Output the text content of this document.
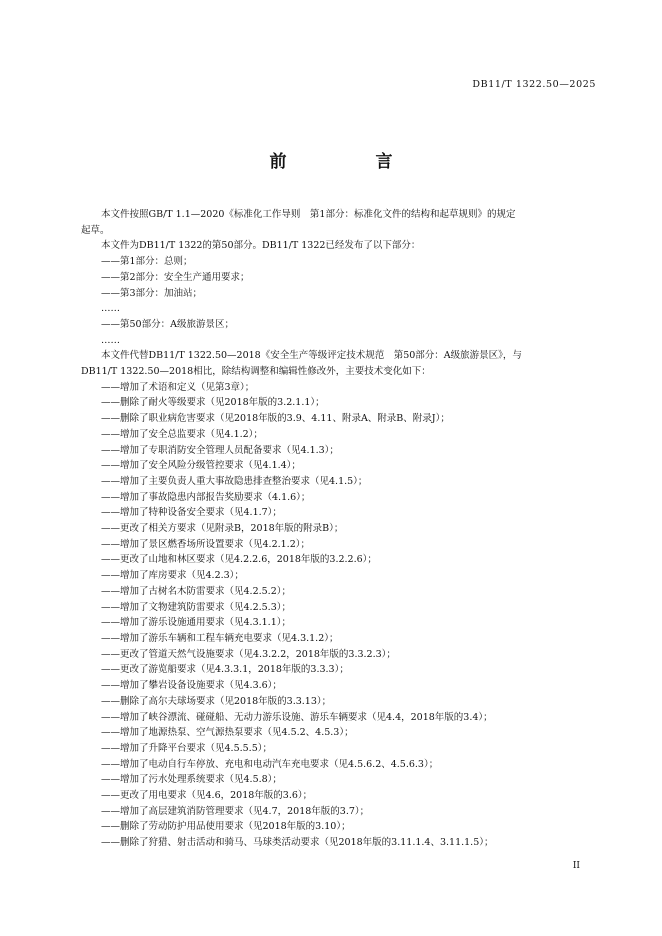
DB11/T 1322.50—2025
前　言

本文件按照GB/T 1.1—2020《标准化工作导则　第1部分：标准化文件的结构和起草规则》的规定

起草。

本文件为DB11/T 1322的第50部分。DB11/T 1322已经发布了以下部分：

——第1部分：总则；

——第2部分：安全生产通用要求；

——第3部分：加油站；

……

——第50部分：A级旅游景区；

……

本文件代替DB11/T 1322.50—2018《安全生产等级评定技术规范　第50部分：A级旅游景区》，与

DB11/T 1322.50—2018相比，除结构调整和编辑性修改外，主要技术变化如下：

——增加了术语和定义（见第3章）；

——删除了耐火等级要求（见2018年版的3.2.1.1）；

——删除了职业病危害要求（见2018年版的3.9、4.11、附录A、附录B、附录J）；

——增加了安全总监要求（见4.1.2）；

——增加了专职消防安全管理人员配备要求（见4.1.3）；

——增加了安全风险分级管控要求（见4.1.4）；

——增加了主要负责人重大事故隐患排查整治要求（见4.1.5）；

——增加了事故隐患内部报告奖励要求（4.1.6）；

——增加了特种设备安全要求（见4.1.7）；

——更改了相关方要求（见附录B，2018年版的附录B）；

——增加了景区燃香场所设置要求（见4.2.1.2）；

——更改了山地和林区要求（见4.2.2.6，2018年版的3.2.2.6）；

——增加了库房要求（见4.2.3）；

——增加了古树名木防雷要求（见4.2.5.2）；

——增加了文物建筑防雷要求（见4.2.5.3）；

——增加了游乐设施通用要求（见4.3.1.1）；

——增加了游乐车辆和工程车辆充电要求（见4.3.1.2）；

——更改了管道天然气设施要求（见4.3.2.2，2018年版的3.3.2.3）；

——更改了游览船要求（见4.3.3.1，2018年版的3.3.3）；

——增加了攀岩设备设施要求（见4.3.6）；

——删除了高尔夫球场要求（见2018年版的3.3.13）；

——增加了峡谷漂流、碰碰船、无动力游乐设施、游乐车辆要求（见4.4，2018年版的3.4）；

——增加了地源热泵、空气源热泵要求（见4.5.2、4.5.3）；

——增加了升降平台要求（见4.5.5.5）；

——增加了电动自行车停放、充电和电动汽车充电要求（见4.5.6.2、4.5.6.3）；

——增加了污水处理系统要求（见4.5.8）；

——更改了用电要求（见4.6，2018年版的3.6）；

——增加了高层建筑消防管理要求（见4.7，2018年版的3.7）；

——删除了劳动防护用品使用要求（见2018年版的3.10）；

——删除了狩猎、射击活动和骑马、马球类活动要求（见2018年版的3.11.1.4、3.11.1.5）；

II
